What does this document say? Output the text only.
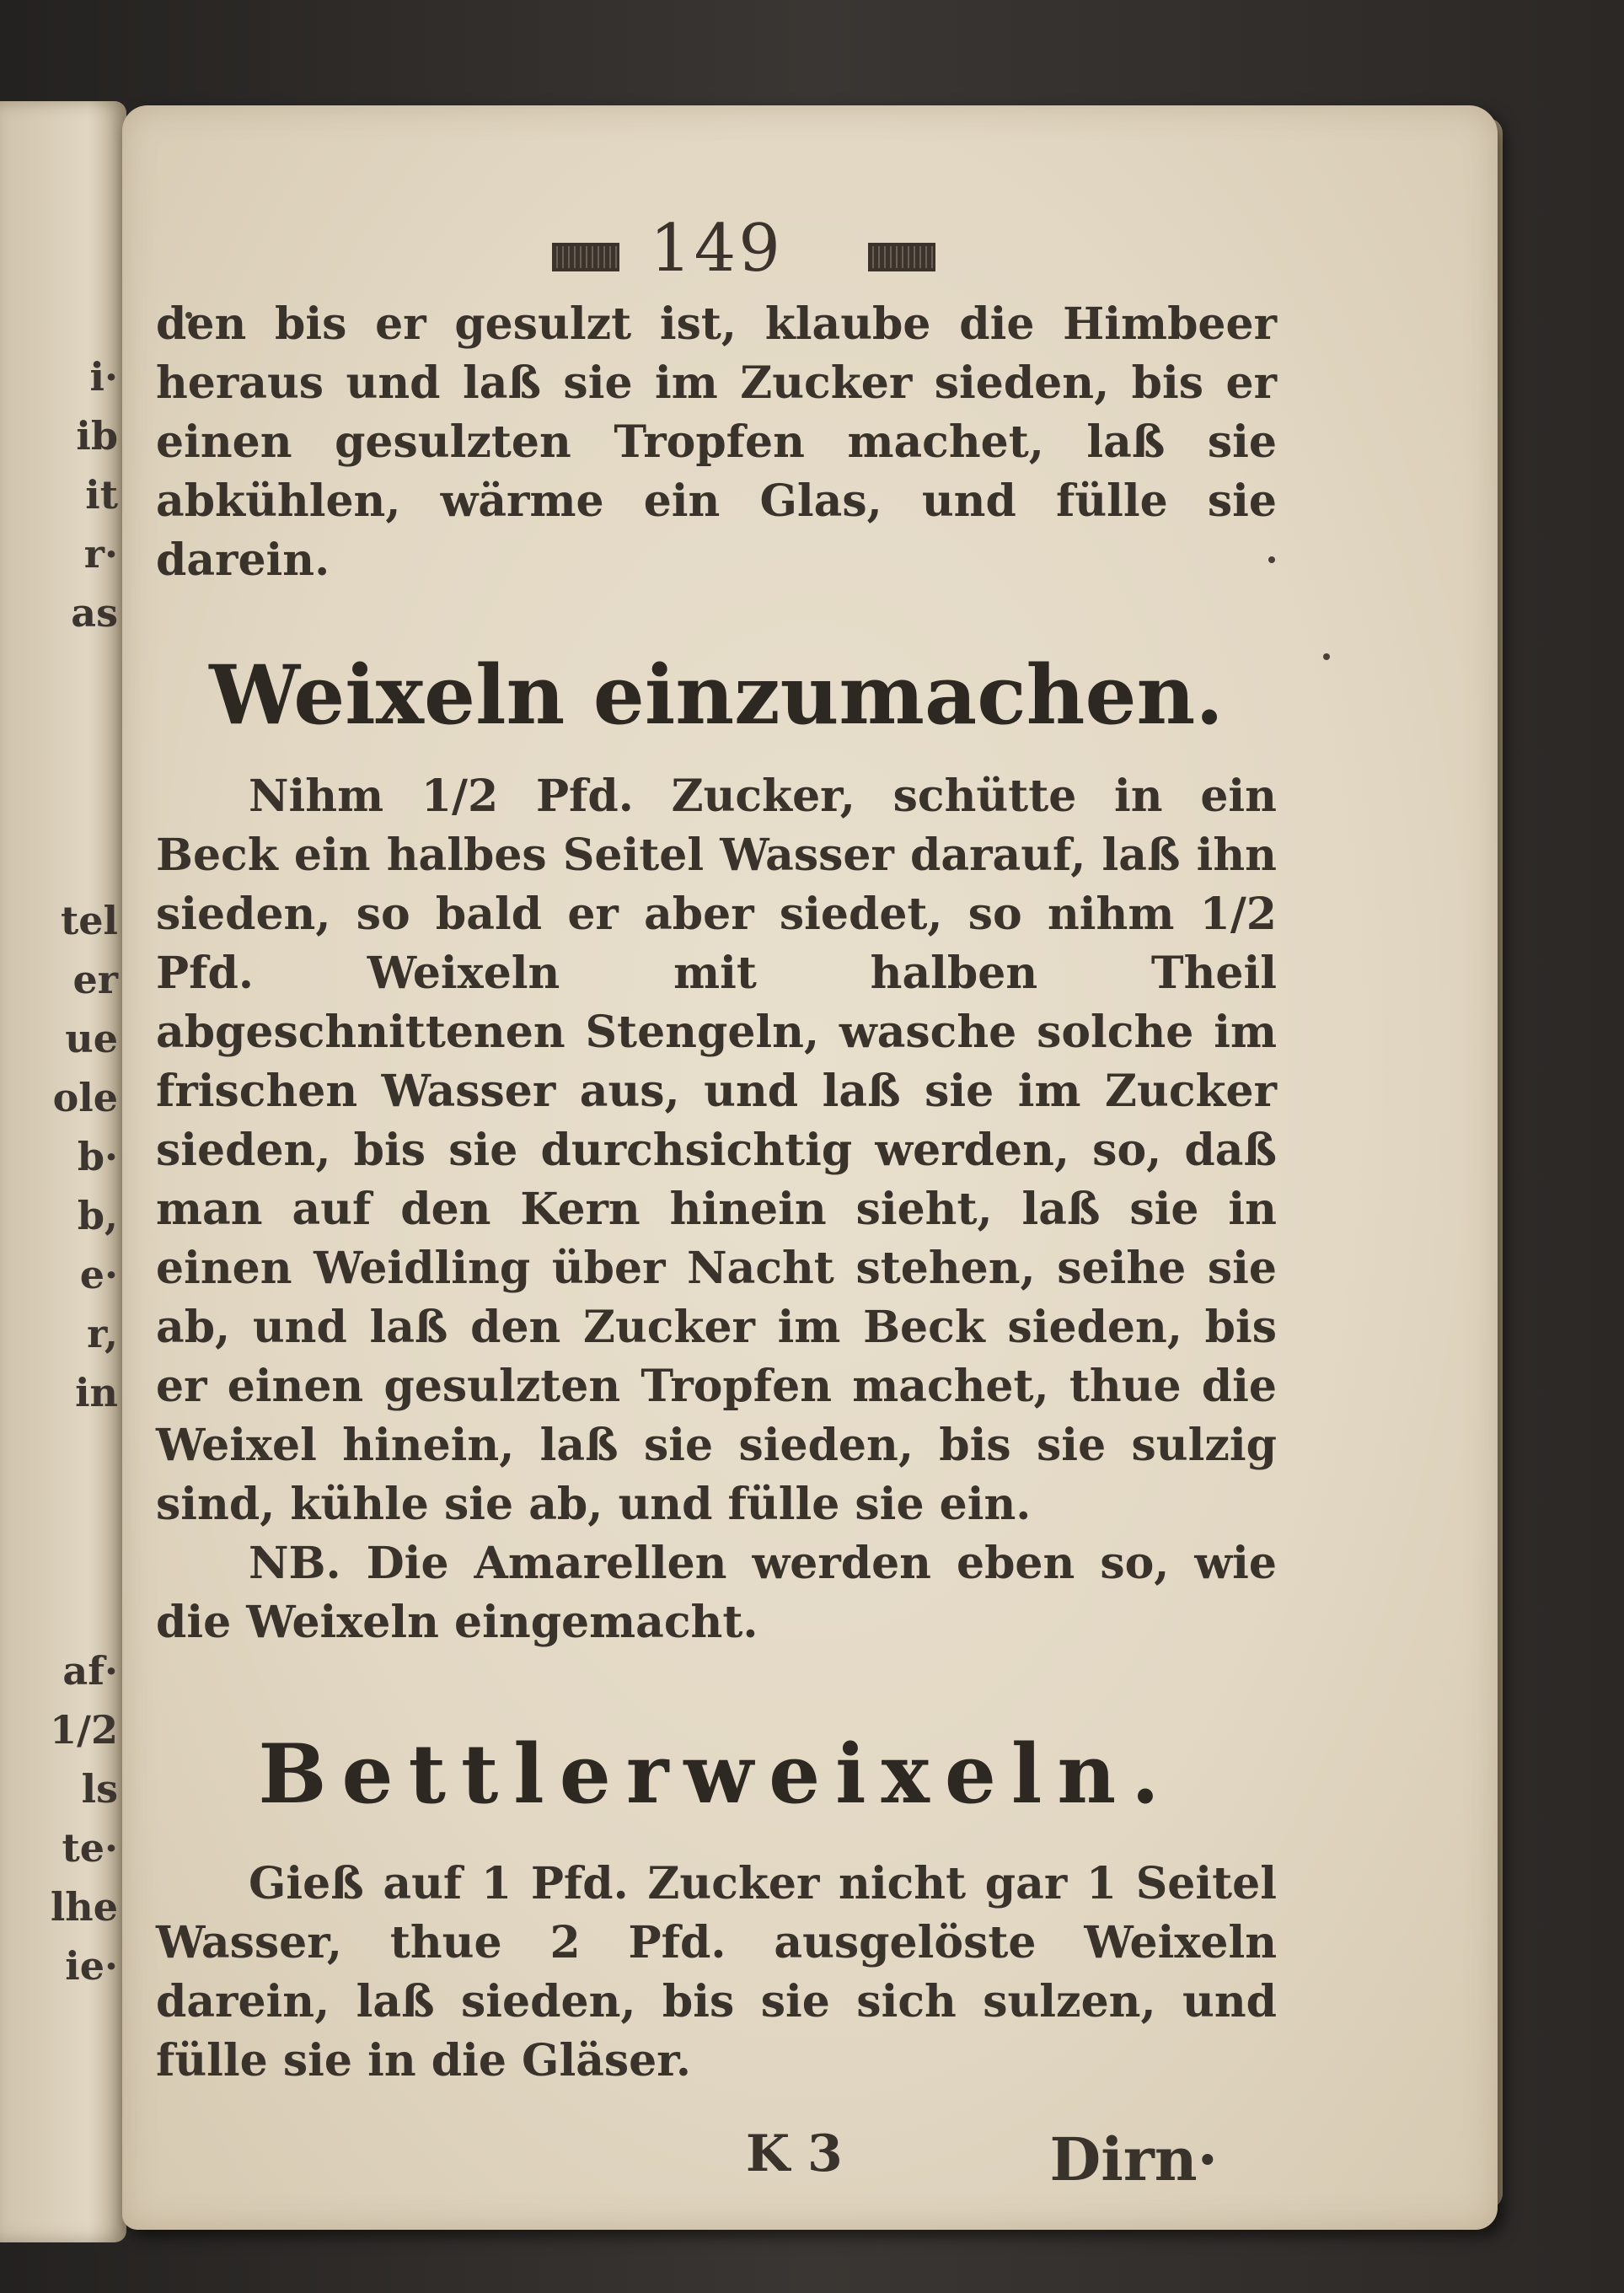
i·
ib
it
r·
as
tel
er
ue
ole
b·
b,
e·
r,
in
af·
1/2
ls
te·
lhe
ie·
149

den bis er gesulzt ist, klaube die Himbeer heraus und laß sie im Zucker sieden, bis er einen gesulzten Tropfen machet, laß sie abkühlen, wärme ein Glas, und fülle sie darein.

Weixeln einzumachen.

Nihm 1/2 Pfd. Zucker, schütte in ein Beck ein halbes Seitel Wasser darauf, laß ihn sieden, so bald er aber siedet, so nihm 1/2 Pfd. Weixeln mit halben Theil abgeschnittenen Stengeln, wasche solche im frischen Wasser aus, und laß sie im Zucker sieden, bis sie durchsichtig werden, so, daß man auf den Kern hinein sieht, laß sie in einen Weidling über Nacht stehen, seihe sie ab, und laß den Zucker im Beck sieden, bis er einen gesulzten Tropfen machet, thue die Weixel hinein, laß sie sieden, bis sie sulzig sind, kühle sie ab, und fülle sie ein.

NB. Die Amarellen werden eben so, wie die Weixeln eingemacht.

Bettlerweixeln.

Gieß auf 1 Pfd. Zucker nicht gar 1 Seitel Wasser, thue 2 Pfd. ausgelöste Weixeln darein, laß sieden, bis sie sich sulzen, und fülle sie in die Gläser.

K 3	Dirn·
